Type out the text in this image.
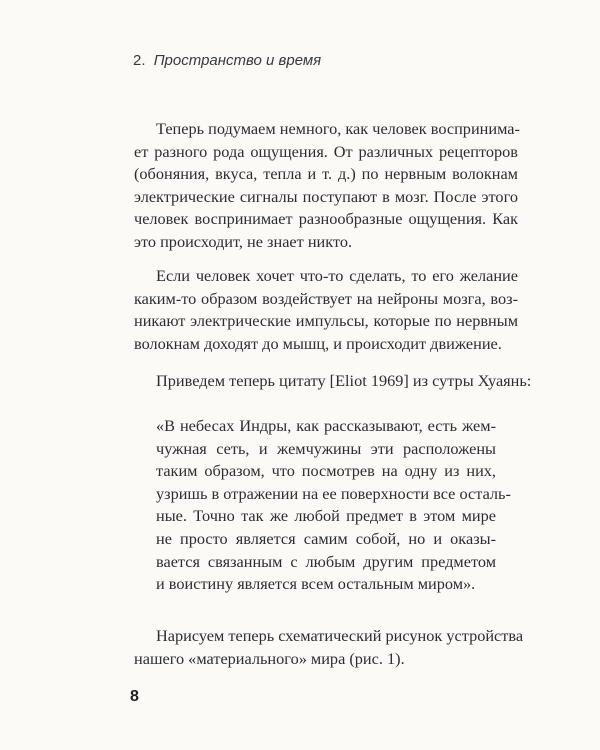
2. Пространство и время

Теперь подумаем немного, как человек воспринима-
ет разного рода ощущения. От различных рецепторов
(обоняния, вкуса, тепла и т. д.) по нервным волокнам
электрические сигналы поступают в мозг. После этого
человек воспринимает разнообразные ощущения. Как
это происходит, не знает никто.

Если человек хочет что-то сделать, то его желание
каким-то образом воздействует на нейроны мозга, воз-
никают электрические импульсы, которые по нервным
волокнам доходят до мышц, и происходит движение.

Приведем теперь цитату [Eliot 1969] из сутры Хуаянь:

«В небесах Индры, как рассказывают, есть жем-
чужная сеть, и жемчужины эти расположены
таким образом, что посмотрев на одну из них,
узришь в отражении на ее поверхности все осталь-
ные. Точно так же любой предмет в этом мире
не просто является самим собой, но и оказы-
вается связанным с любым другим предметом
и воистину является всем остальным миром».

Нарисуем теперь схематический рисунок устройства
нашего «материального» мира (рис. 1).

8
